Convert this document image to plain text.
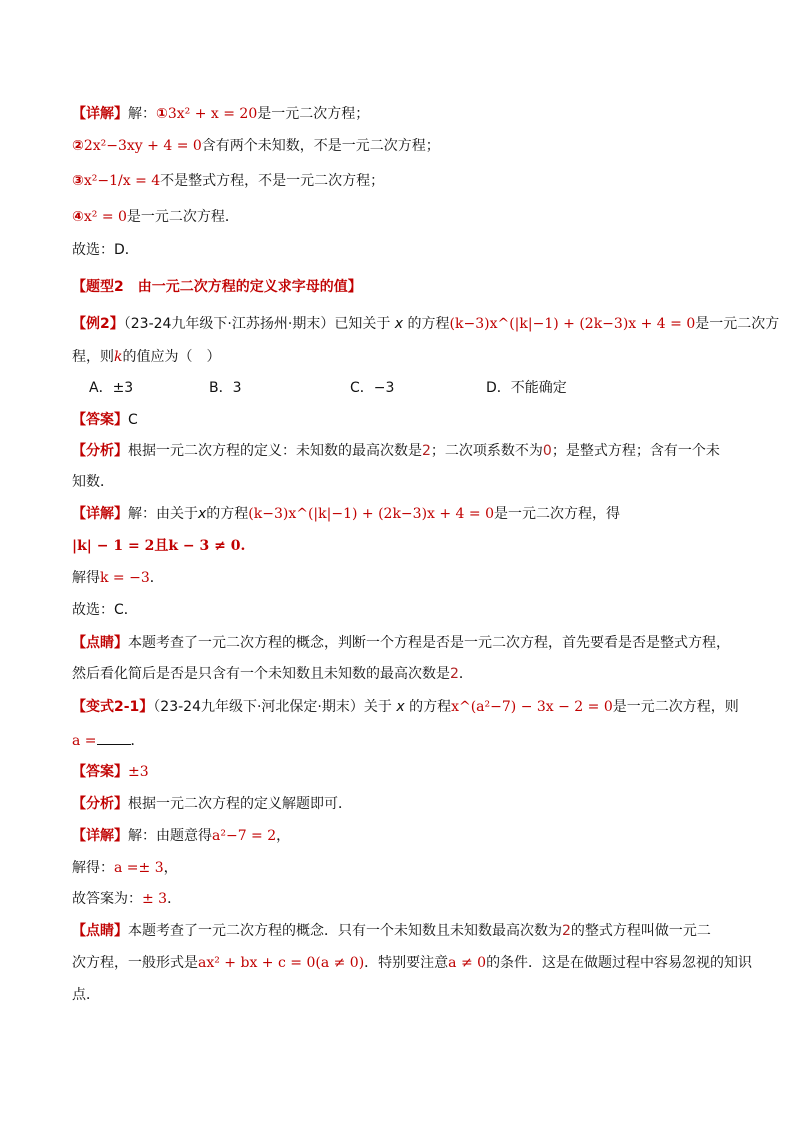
【详解】解：①3x² + x = 20是一元二次方程；
②2x²−3xy + 4 = 0含有两个未知数，不是一元二次方程；
③x²−1/x = 4不是整式方程，不是一元二次方程；
④x² = 0是一元二次方程．
故选：D．
【题型2　由一元二次方程的定义求字母的值】
【例2】（23-24九年级下·江苏扬州·期末）已知关于 x 的方程(k−3)x^(|k|−1) + (2k−3)x + 4 = 0是一元二次方
程，则k的值应为（　）
A．±3	B．3	C．−3	D．不能确定
【答案】C
【分析】根据一元二次方程的定义：未知数的最高次数是2；二次项系数不为0；是整式方程；含有一个未
知数．
【详解】解：由关于x的方程(k−3)x^(|k|−1) + (2k−3)x + 4 = 0是一元二次方程，得
|k| − 1 = 2且k − 3 ≠ 0.
解得k = −3．
故选：C．
【点睛】本题考查了一元二次方程的概念，判断一个方程是否是一元二次方程，首先要看是否是整式方程，
然后看化简后是否是只含有一个未知数且未知数的最高次数是2．
【变式2-1】（23-24九年级下·河北保定·期末）关于 x 的方程x^(a²−7) − 3x − 2 = 0是一元二次方程，则
a = ．
【答案】±3
【分析】根据一元二次方程的定义解题即可．
【详解】解：由题意得a²−7 = 2，
解得：a =± 3，
故答案为：± 3．
【点睛】本题考查了一元二次方程的概念．只有一个未知数且未知数最高次数为2的整式方程叫做一元二
次方程，一般形式是ax² + bx + c = 0(a ≠ 0)．特别要注意a ≠ 0的条件．这是在做题过程中容易忽视的知识
点．
